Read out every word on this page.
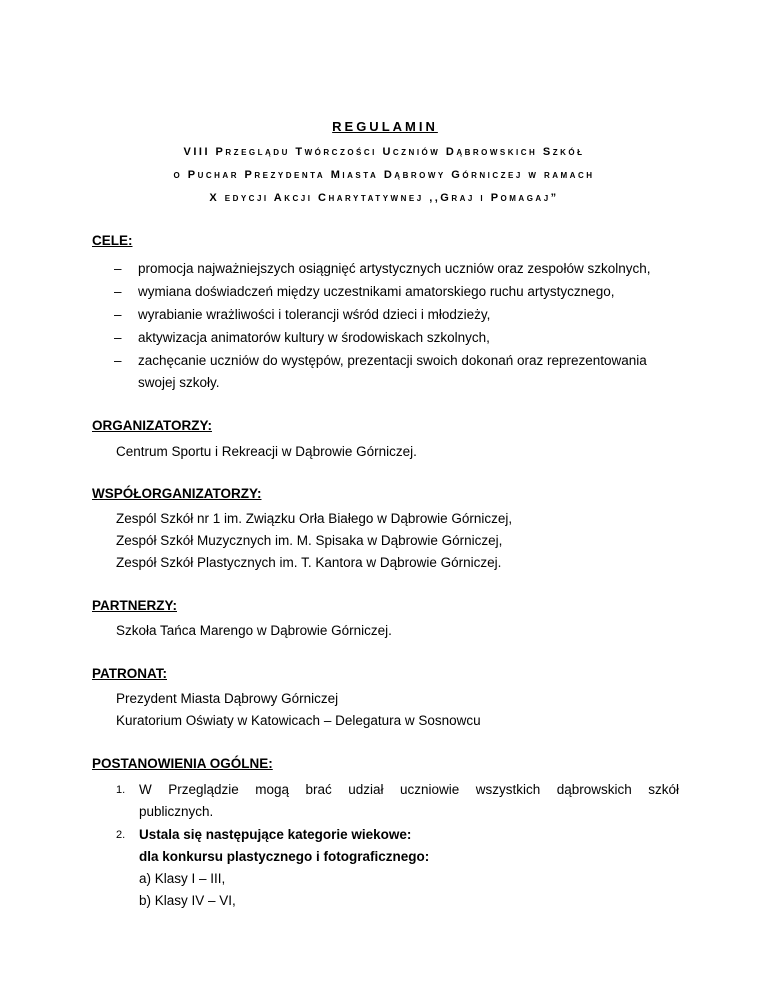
REGULAMIN
VIII Przeglądu Twórczości Uczniów Dąbrowskich Szkół
o Puchar Prezydenta Miasta Dąbrowy Górniczej w ramach
X edycji Akcji Charytatywnej ,,Graj i Pomagaj”
CELE:
– promocja najważniejszych osiągnięć artystycznych uczniów oraz zespołów szkolnych,
– wymiana doświadczeń między uczestnikami amatorskiego ruchu artystycznego,
– wyrabianie wrażliwości i tolerancji wśród dzieci i młodzieży,
– aktywizacja animatorów kultury w środowiskach szkolnych,
– zachęcanie uczniów do występów, prezentacji swoich dokonań oraz reprezentowania swojej szkoły.
ORGANIZATORZY:
Centrum Sportu i Rekreacji w Dąbrowie Górniczej.
WSPÓŁORGANIZATORZY:
Zespól Szkół nr 1 im. Związku Orła Białego w Dąbrowie Górniczej,
Zespół Szkół Muzycznych im. M. Spisaka w Dąbrowie Górniczej,
Zespół Szkół Plastycznych im. T. Kantora w Dąbrowie Górniczej.
PARTNERZY:
Szkoła Tańca Marengo w Dąbrowie Górniczej.
PATRONAT:
Prezydent Miasta Dąbrowy Górniczej
Kuratorium Oświaty w Katowicach – Delegatura w Sosnowcu
POSTANOWIENIA OGÓLNE:
1. W Przeglądzie mogą brać udział uczniowie wszystkich dąbrowskich szkół
publicznych.
2. Ustala się następujące kategorie wiekowe:
dla konkursu plastycznego i fotograficznego:
a) Klasy I – III,
b) Klasy IV – VI,
